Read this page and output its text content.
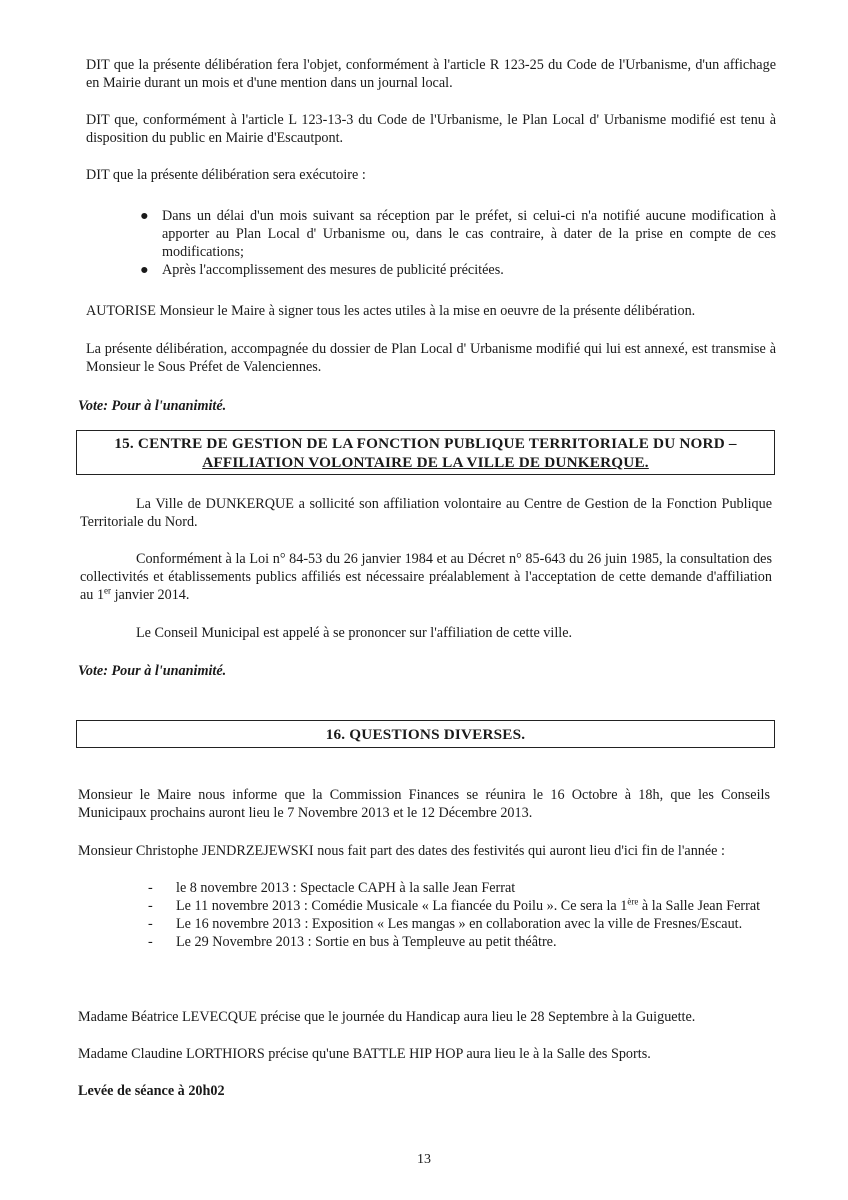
DIT que la présente délibération fera l'objet, conformément à l'article R 123-25 du Code de l'Urbanisme, d'un affichage en Mairie durant un mois et d'une mention dans un journal local.

DIT que, conformément à l'article L 123-13-3 du Code de l'Urbanisme, le Plan Local d' Urbanisme modifié est tenu à disposition du public en Mairie d'Escautpont.

DIT que la présente délibération sera exécutoire :

● Dans un délai d'un mois suivant sa réception par le préfet, si celui-ci n'a notifié aucune modification à apporter au Plan Local d' Urbanisme ou, dans le cas contraire, à dater de la prise en compte de ces modifications;
● Après l'accomplissement des mesures de publicité précitées.

AUTORISE Monsieur le Maire à signer tous les actes utiles à la mise en oeuvre de la présente délibération.

La présente délibération, accompagnée du dossier de Plan Local d' Urbanisme modifié qui lui est annexé, est transmise à Monsieur le Sous Préfet de Valenciennes.

Vote: Pour à l'unanimité.

15. CENTRE DE GESTION DE LA FONCTION PUBLIQUE TERRITORIALE DU NORD –
AFFILIATION VOLONTAIRE DE LA VILLE DE DUNKERQUE.

La Ville de DUNKERQUE a sollicité son affiliation volontaire au Centre de Gestion de la Fonction Publique Territoriale du Nord.

Conformément à la Loi n° 84-53 du 26 janvier 1984 et au Décret n° 85-643 du 26 juin 1985, la consultation des collectivités et établissements publics affiliés est nécessaire préalablement à l'acceptation de cette demande d'affiliation au 1er janvier 2014.

Le Conseil Municipal est appelé à se prononcer sur l'affiliation de cette ville.

Vote: Pour à l'unanimité.

16. QUESTIONS DIVERSES.

Monsieur le Maire nous informe que la Commission Finances se réunira le 16 Octobre à 18h, que les Conseils Municipaux prochains auront lieu le 7 Novembre 2013 et le 12 Décembre 2013.

Monsieur Christophe JENDRZEJEWSKI nous fait part des dates des festivités qui auront lieu d'ici fin de l'année :

- le 8 novembre 2013 : Spectacle CAPH à la salle Jean Ferrat
- Le 11 novembre 2013 : Comédie Musicale « La fiancée du Poilu ». Ce sera la 1ère à la Salle Jean Ferrat
- Le 16 novembre 2013 : Exposition « Les mangas » en collaboration avec la ville de Fresnes/Escaut.
- Le 29 Novembre 2013 : Sortie en bus à Templeuve au petit théâtre.

Madame Béatrice LEVECQUE précise que le journée du Handicap aura lieu le 28 Septembre à la Guiguette.

Madame Claudine LORTHIORS précise qu'une BATTLE HIP HOP aura lieu le à la Salle des Sports.

Levée de séance à 20h02

13
